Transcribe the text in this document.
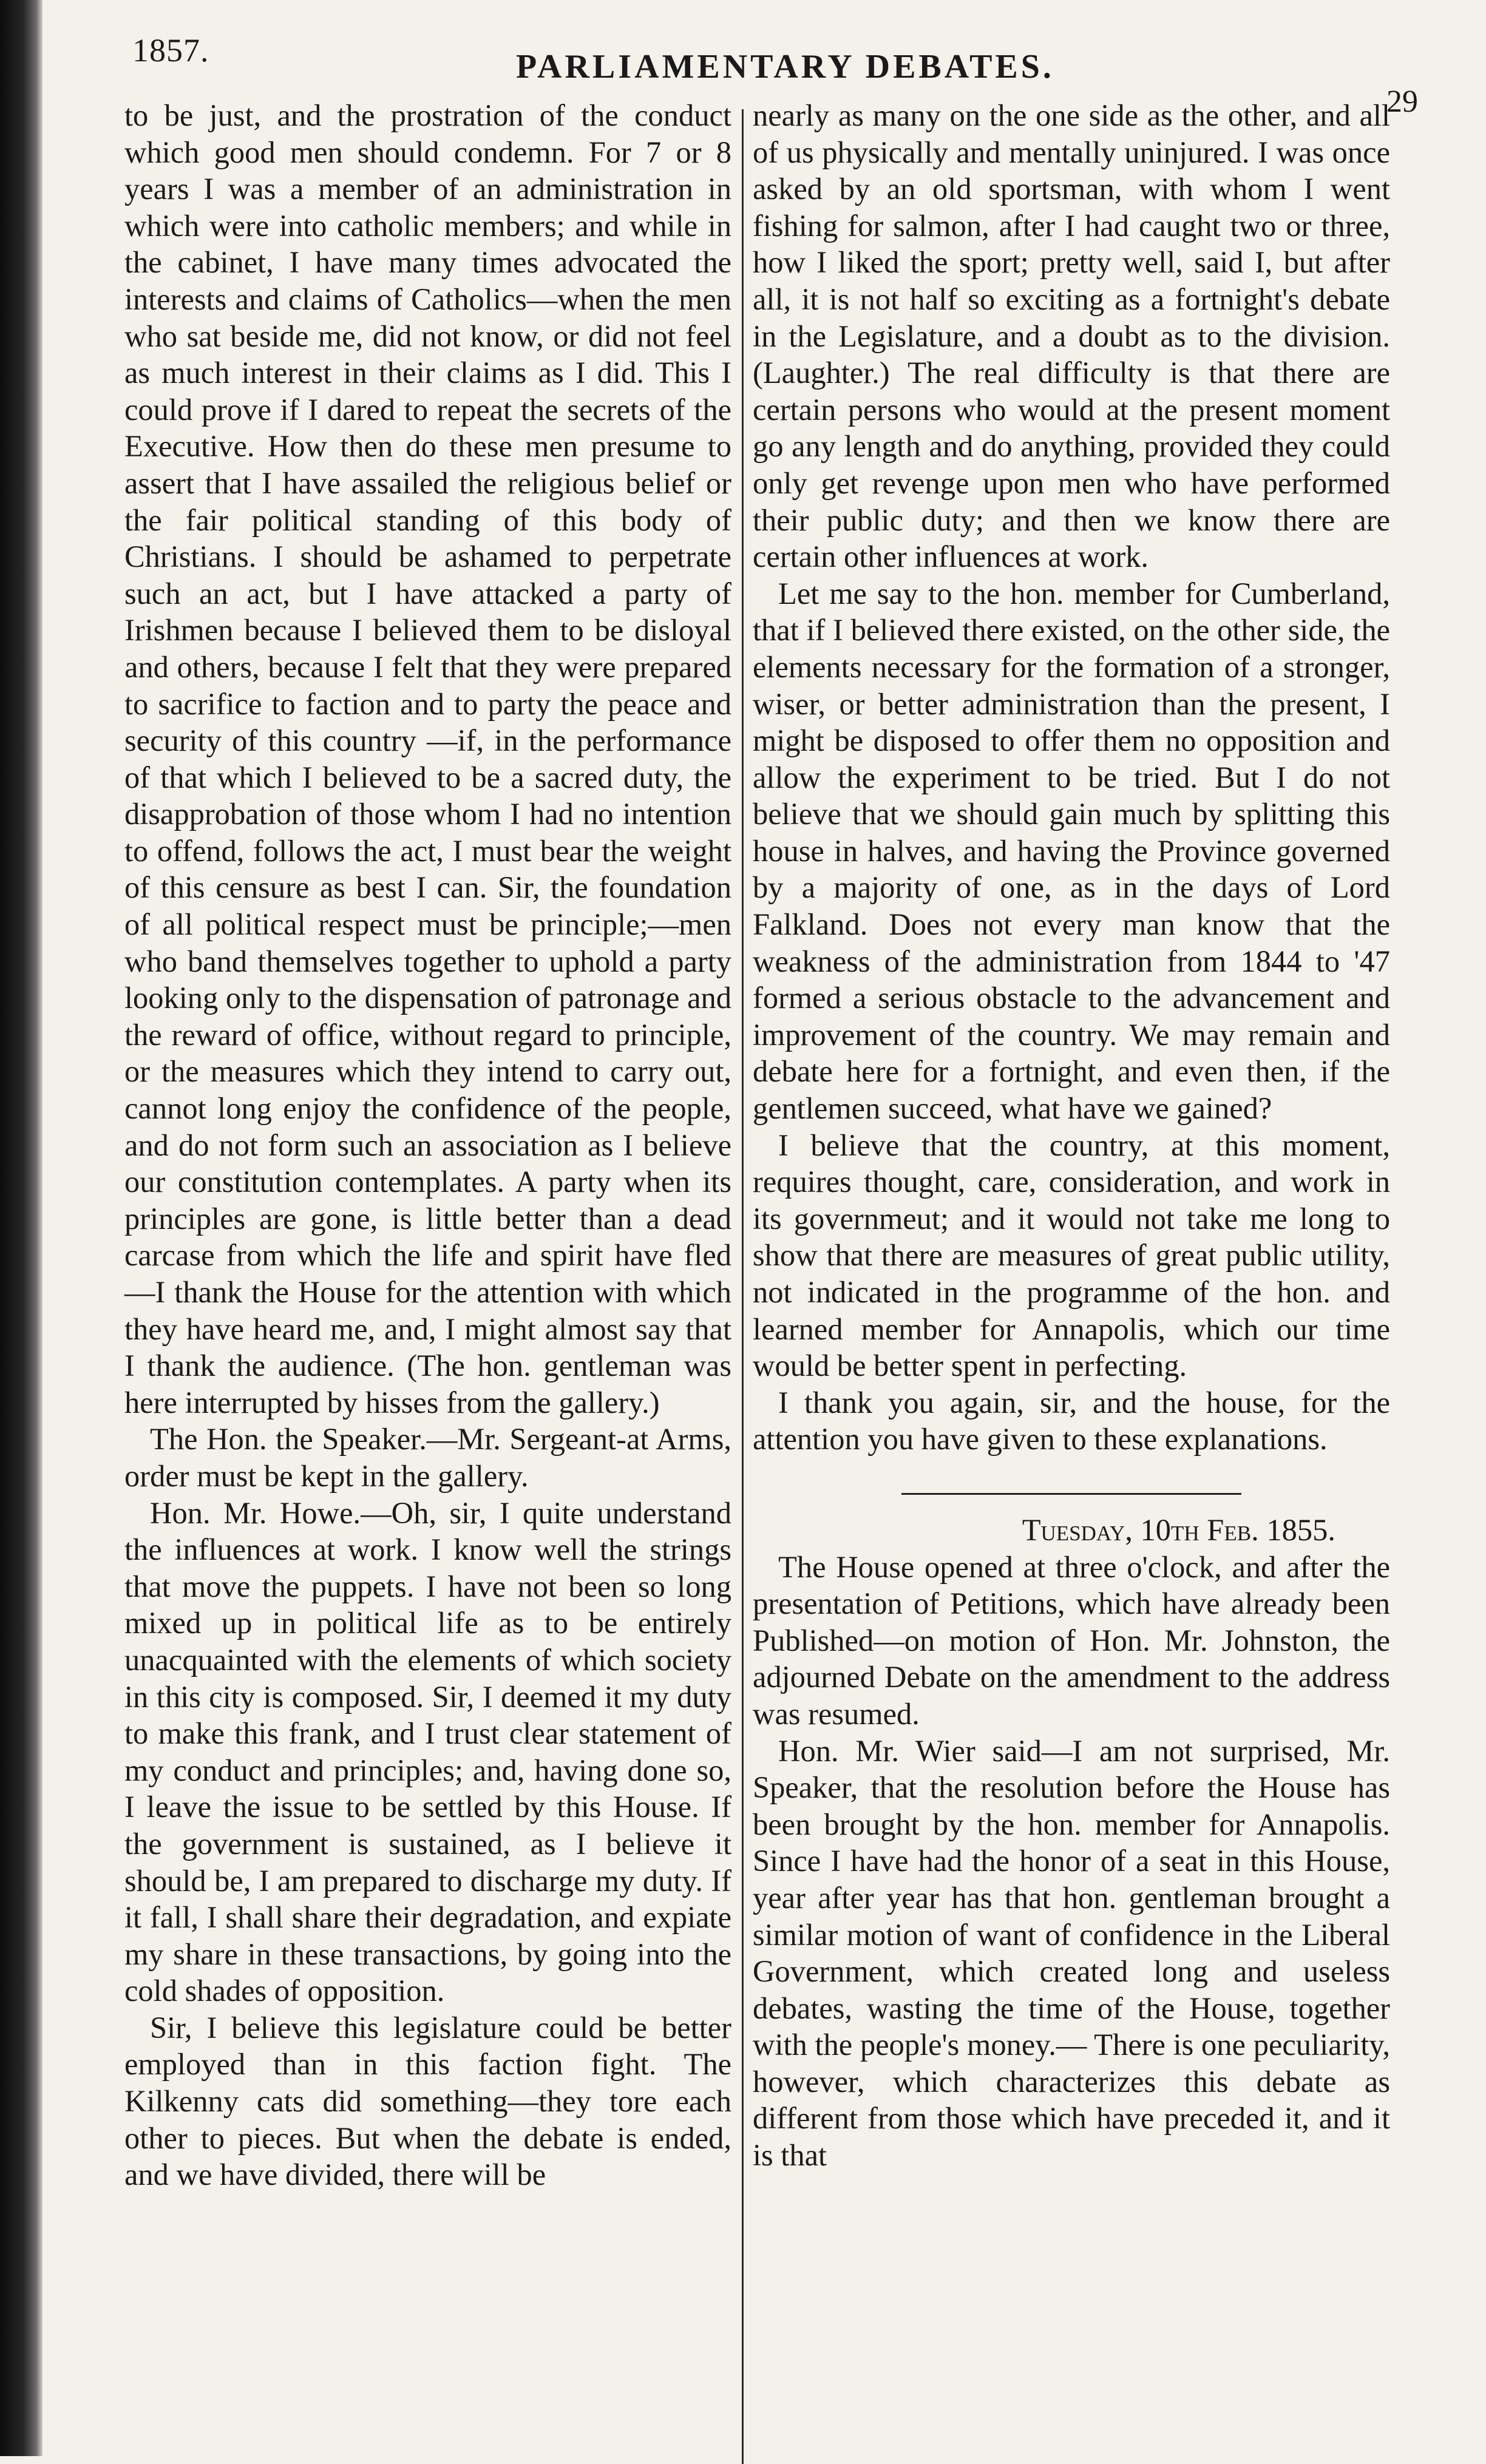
1857.	PARLIAMENTARY DEBATES.
29

to be just, and the prostration of the conduct which good men should condemn. For 7 or 8 years I was a member of an administration in which were into catholic members; and while in the cabinet, I have many times advocated the interests and claims of Catholics—when the men who sat beside me, did not know, or did not feel as much interest in their claims as I did. This I could prove if I dared to repeat the secrets of the Executive. How then do these men presume to assert that I have assailed the religious belief or the fair political standing of this body of Christians. I should be ashamed to perpetrate such an act, but I have attacked a party of Irishmen because I believed them to be disloyal and others, because I felt that they were prepared to sacrifice to faction and to party the peace and security of this country —if, in the performance of that which I believed to be a sacred duty, the disapprobation of those whom I had no intention to offend, follows the act, I must bear the weight of this censure as best I can. Sir, the foundation of all political respect must be principle;—men who band themselves together to uphold a party looking only to the dispensation of patronage and the reward of office, without regard to principle, or the measures which they intend to carry out, cannot long enjoy the confidence of the people, and do not form such an association as I believe our constitution contemplates. A party when its principles are gone, is little better than a dead carcase from which the life and spirit have fled—I thank the House for the attention with which they have heard me, and, I might almost say that I thank the audience. (The hon. gentleman was here interrupted by hisses from the gallery.)

The Hon. the Speaker.—Mr. Sergeant-at Arms, order must be kept in the gallery.

Hon. Mr. Howe.—Oh, sir, I quite understand the influences at work. I know well the strings that move the puppets. I have not been so long mixed up in political life as to be entirely unacquainted with the elements of which society in this city is composed. Sir, I deemed it my duty to make this frank, and I trust clear statement of my conduct and principles; and, having done so, I leave the issue to be settled by this House. If the government is sustained, as I believe it should be, I am prepared to discharge my duty. If it fall, I shall share their degradation, and expiate my share in these transactions, by going into the cold shades of opposition.

Sir, I believe this legislature could be better employed than in this faction fight. The Kilkenny cats did something—they tore each other to pieces. But when the debate is ended, and we have divided, there will be

nearly as many on the one side as the other, and all of us physically and mentally uninjured. I was once asked by an old sportsman, with whom I went fishing for salmon, after I had caught two or three, how I liked the sport; pretty well, said I, but after all, it is not half so exciting as a fortnight's debate in the Legislature, and a doubt as to the division. (Laughter.) The real difficulty is that there are certain persons who would at the present moment go any length and do anything, provided they could only get revenge upon men who have performed their public duty; and then we know there are certain other influences at work.

Let me say to the hon. member for Cumberland, that if I believed there existed, on the other side, the elements necessary for the formation of a stronger, wiser, or better administration than the present, I might be disposed to offer them no opposition and allow the experiment to be tried. But I do not believe that we should gain much by splitting this house in halves, and having the Province governed by a majority of one, as in the days of Lord Falkland. Does not every man know that the weakness of the administration from 1844 to '47 formed a serious obstacle to the advancement and improvement of the country. We may remain and debate here for a fortnight, and even then, if the gentlemen succeed, what have we gained?

I believe that the country, at this moment, requires thought, care, consideration, and work in its governmeut; and it would not take me long to show that there are measures of great public utility, not indicated in the programme of the hon. and learned member for Annapolis, which our time would be better spent in perfecting.

I thank you again, sir, and the house, for the attention you have given to these explanations.

Tuesday, 10th Feb. 1855.

The House opened at three o'clock, and after the presentation of Petitions, which have already been Published—on motion of Hon. Mr. Johnston, the adjourned Debate on the amendment to the address was resumed.

Hon. Mr. Wier said—I am not surprised, Mr. Speaker, that the resolution before the House has been brought by the hon. member for Annapolis. Since I have had the honor of a seat in this House, year after year has that hon. gentleman brought a similar motion of want of confidence in the Liberal Government, which created long and useless debates, wasting the time of the House, together with the people's money.— There is one peculiarity, however, which characterizes this debate as different from those which have preceded it, and it is that
